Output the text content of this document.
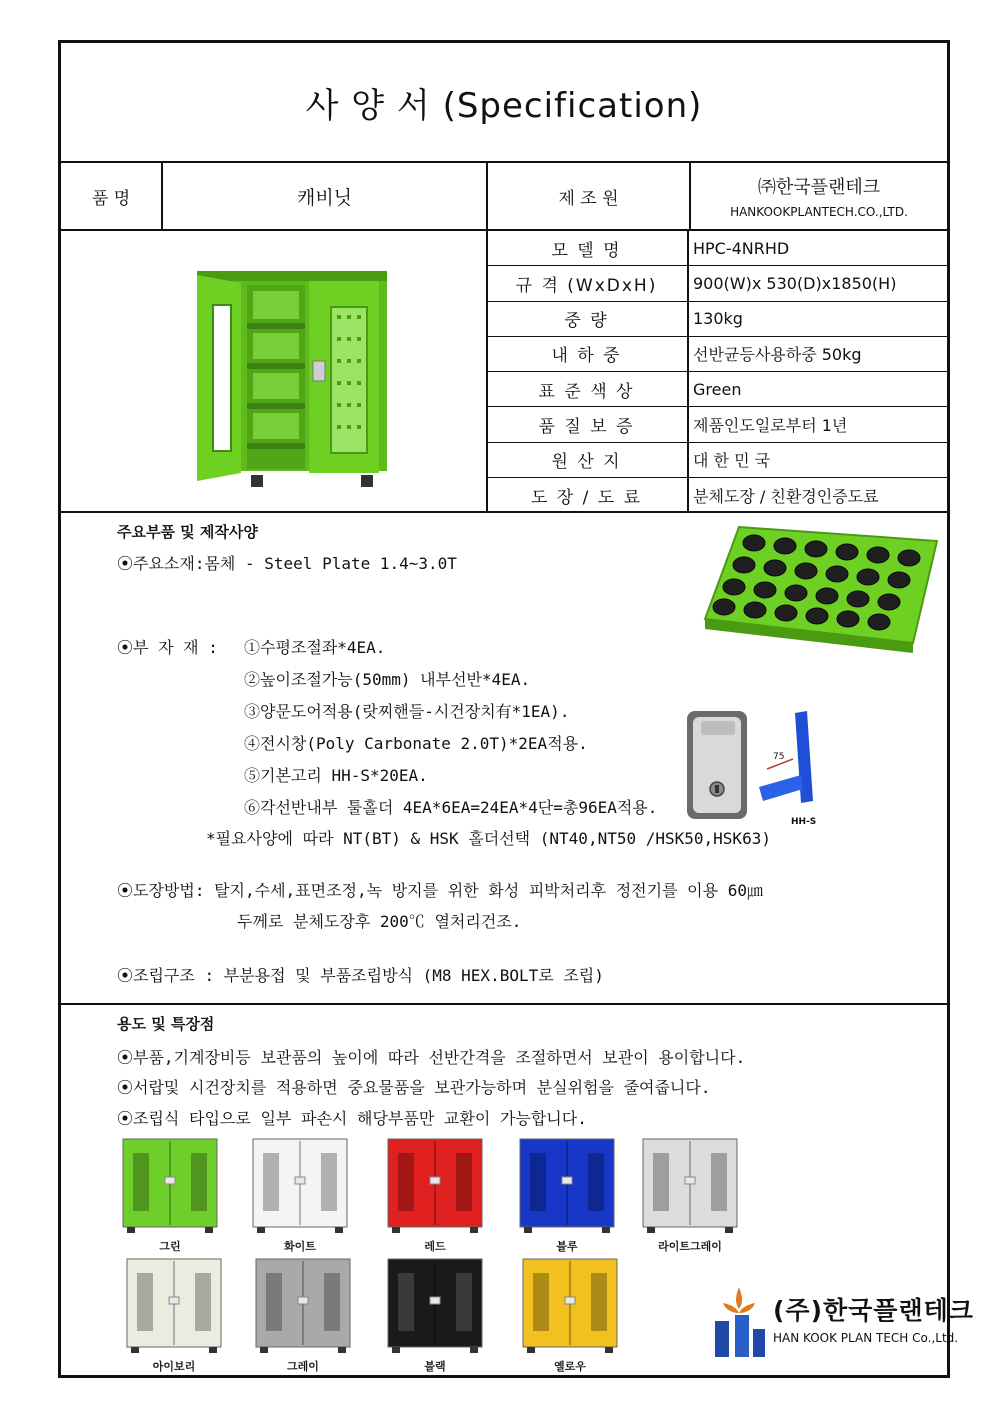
사 양 서 (Specification)
품 명	캐비닛	제 조 원
㈜한국플랜테크
HANKOOKPLANTECH.CO.,LTD.
모 델 명	HPC-4NRHD
규 격 (WxDxH)	900(W)x 530(D)x1850(H)
중 량	130kg
내 하 중	선반균등사용하중 50kg
표 준 색 상	Green
품 질 보 증	제품인도일로부터 1년
원 산 지	대 한 민 국
도 장 / 도 료	분체도장 / 친환경인증도료
주요부품 및 제작사양
⦿주요소재:몸체 - Steel Plate 1.4~3.0T
⦿부 자 재 : ①수평조절좌*4EA.
②높이조절가능(50mm) 내부선반*4EA.
③양문도어적용(랏찌핸들-시건장치有*1EA).
④전시창(Poly Carbonate 2.0T)*2EA적용.
⑤기본고리 HH-S*20EA.
⑥각선반내부 툴홀더 4EA*6EA=24EA*4단=총96EA적용.
*필요사양에 따라 NT(BT) & HSK 홀더선택 (NT40,NT50 /HSK50,HSK63)
⦿도장방법: 탈지,수세,표면조정,녹 방지를 위한 화성 피박처리후 정전기를 이용 60㎛
두께로 분체도장후 200℃ 열처리건조.
⦿조립구조 : 부분용접 및 부품조립방식 (M8 HEX.BOLT로 조립)
75
HH-S
용도 및 특장점
⦿부품,기계장비등 보관품의 높이에 따라 선반간격을 조절하면서 보관이 용이합니다.
⦿서랍및 시건장치를 적용하면 중요물품을 보관가능하며 분실위험을 줄여줍니다.
⦿조립식 타입으로 일부 파손시 해당부품만 교환이 가능합니다.
그린	화이트	레드	블루	라이트그레이
아이보리	그레이	블랙	옐로우
(주)한국플랜테크
HAN KOOK PLAN TECH Co.,Ltd.
